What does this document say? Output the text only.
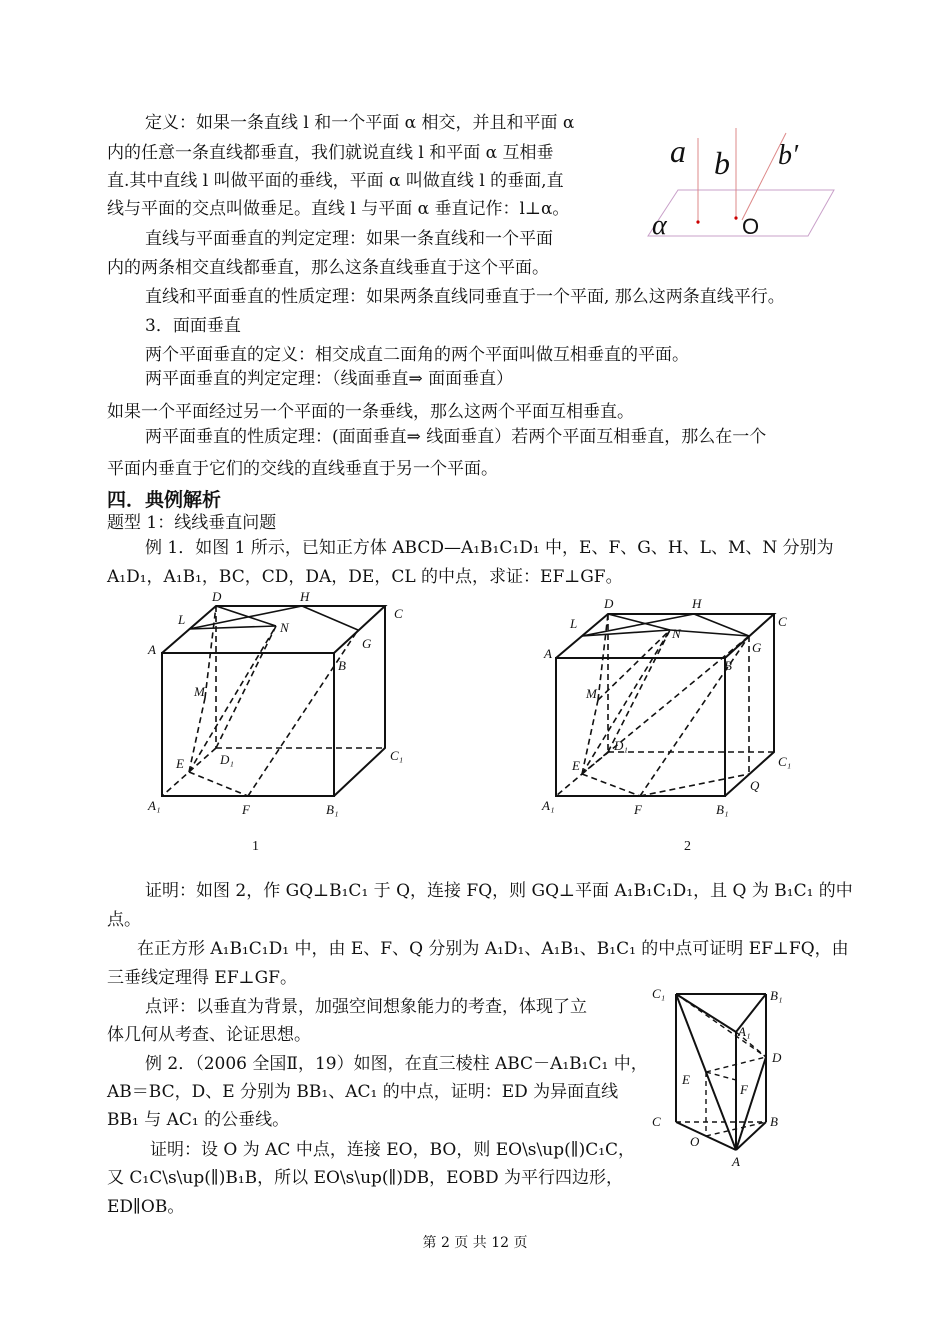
定义：如果一条直线 l 和一个平面 α 相交，并且和平面 α
内的任意一条直线都垂直，我们就说直线 l 和平面 α 互相垂
直.其中直线 l 叫做平面的垂线，平面 α 叫做直线 l 的垂面,直
线与平面的交点叫做垂足。直线 l 与平面 α 垂直记作：l⊥α。
直线与平面垂直的判定定理：如果一条直线和一个平面
内的两条相交直线都垂直，那么这条直线垂直于这个平面。
直线和平面垂直的性质定理：如果两条直线同垂直于一个平面, 那么这两条直线平行。
a b b′
α	O
3．面面垂直
两个平面垂直的定义：相交成直二面角的两个平面叫做互相垂直的平面。
两平面垂直的判定定理：（线面垂直⇒ 面面垂直）
如果一个平面经过另一个平面的一条垂线，那么这两个平面互相垂直。
两平面垂直的性质定理：(面面垂直⇒ 线面垂直）若两个平面互相垂直，那么在一个
平面内垂直于它们的交线的直线垂直于另一个平面。
四．典例解析
题型 1：线线垂直问题
例 1．如图 1 所示，已知正方体 ABCD—A₁B₁C₁D₁ 中，E、F、G、H、L、M、N 分别为
A₁D₁，A₁B₁，BC，CD，DA，DE，CL 的中点，求证：EF⊥GF。
D	H
C
L
N
G
A
B
M
D₁
E
C₁
A₁	F	B₁
1
D	H
C
L
N
G
A
B
M
D₁
E	C₁
Q
A₁	F	B₁
2
证明：如图 2，作 GQ⊥B₁C₁ 于 Q，连接 FQ，则 GQ⊥平面 A₁B₁C₁D₁，且 Q 为 B₁C₁ 的中
点。
在正方形 A₁B₁C₁D₁ 中，由 E、F、Q 分别为 A₁D₁、A₁B₁、B₁C₁ 的中点可证明 EF⊥FQ，由
三垂线定理得 EF⊥GF。
点评：以垂直为背景，加强空间想象能力的考查，体现了立
体几何从考查、论证思想。
例 2．（2006 全国Ⅱ，19）如图，在直三棱柱 ABC－A₁B₁C₁ 中，
AB＝BC，D、E 分别为 BB₁、AC₁ 的中点，证明：ED 为异面直线
BB₁ 与 AC₁ 的公垂线。
证明：设 O 为 AC 中点，连接 EO，BO，则 EO\s\up(∥)C₁C，
又 C₁C\s\up(∥)B₁B，所以 EO\s\up(∥)DB，EOBD 为平行四边形，
ED∥OB。
C₁	B₁
A₁
D
E
F
C	B
O
A
第 2 页 共 12 页
